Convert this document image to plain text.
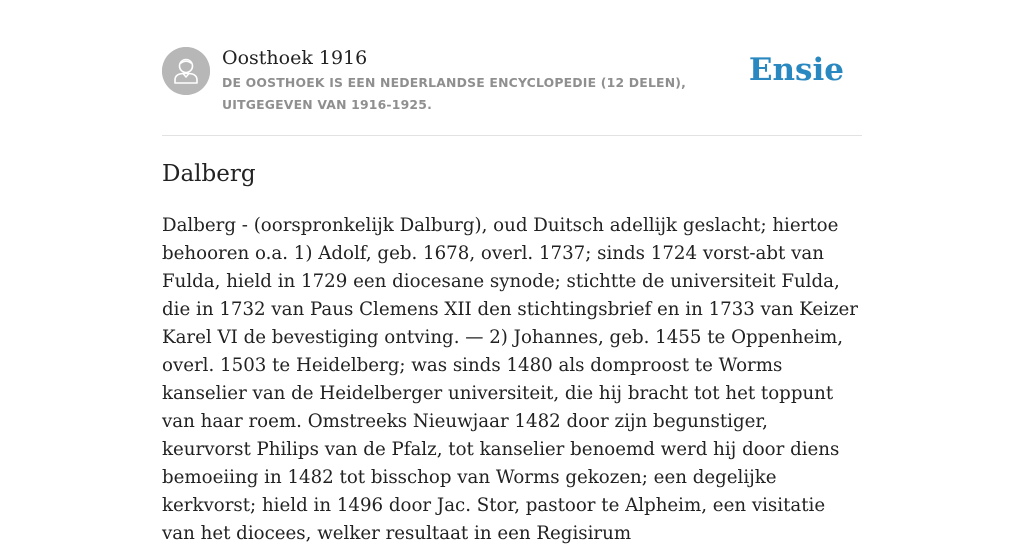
Oosthoek 1916
DE OOSTHOEK IS EEN NEDERLANDSE ENCYCLOPEDIE (12 DELEN), UITGEGEVEN VAN 1916-1925.
Ensie
Dalberg

Dalberg - (oorspronkelijk Dalburg), oud Duitsch adellijk geslacht; hiertoe behooren o.a. 1) Adolf, geb. 1678, overl. 1737; sinds 1724 vorst-abt van Fulda, hield in 1729 een diocesane synode; stichtte de universiteit Fulda, die in 1732 van Paus Clemens XII den stichtingsbrief en in 1733 van Keizer Karel VI de bevestiging ontving. — 2) Johannes, geb. 1455 te Oppenheim, overl. 1503 te Heidelberg; was sinds 1480 als domproost te Worms kanselier van de Heidelberger universiteit, die hij bracht tot het toppunt van haar roem. Omstreeks Nieuwjaar 1482 door zijn begunstiger, keurvorst Philips van de Pfalz, tot kanselier benoemd werd hij door diens bemoeiing in 1482 tot bisschop van Worms gekozen; een degelijke kerkvorst; hield in 1496 door Jac. Stor, pastoor te Alpheim, een visitatie van het diocees, welker resultaat in een Regisirum
